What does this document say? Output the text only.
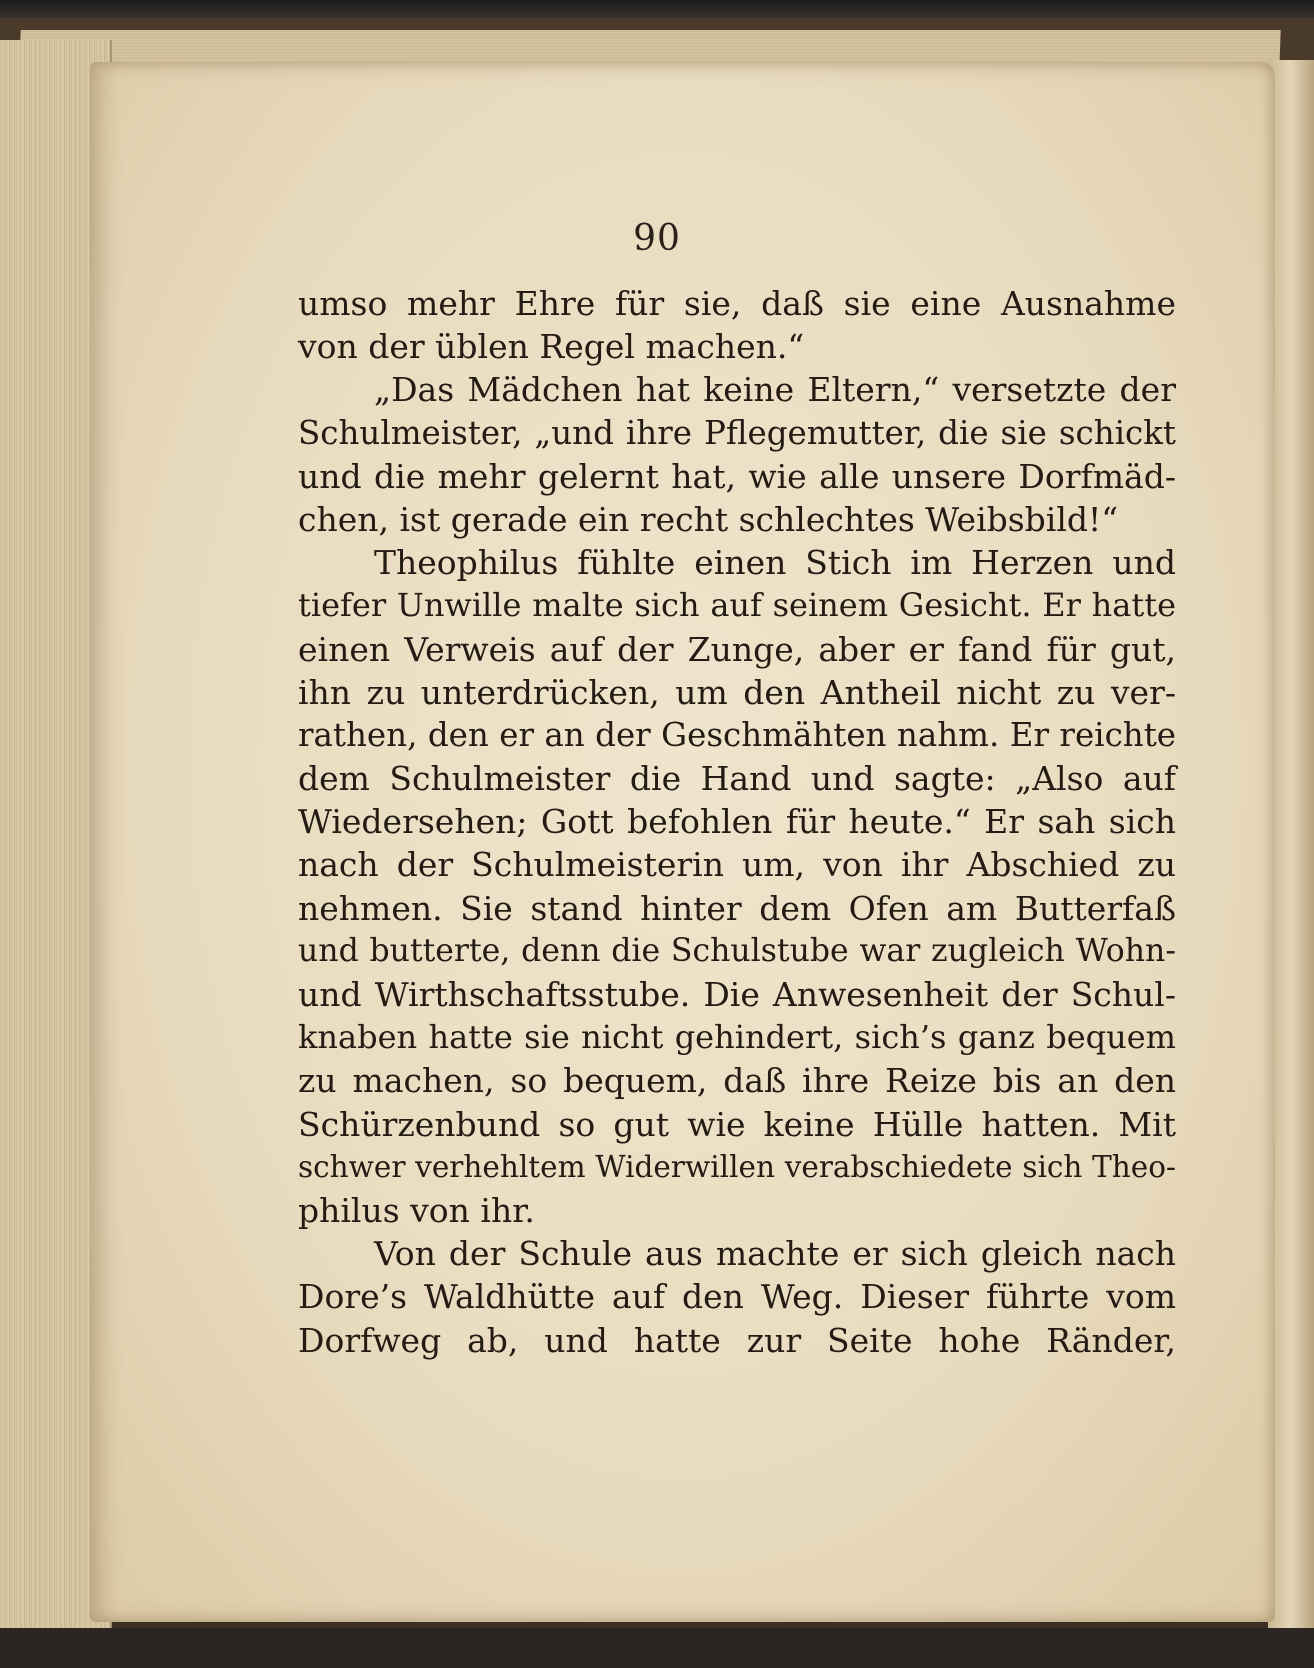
90
umso mehr Ehre für sie, daß sie eine Ausnahme
von der üblen Regel machen.“
„Das Mädchen hat keine Eltern,“ versetzte der
Schulmeister, „und ihre Pflegemutter, die sie schickt
und die mehr gelernt hat, wie alle unsere Dorfmäd-
chen, ist gerade ein recht schlechtes Weibsbild!“
Theophilus fühlte einen Stich im Herzen und
tiefer Unwille malte sich auf seinem Gesicht. Er hatte
einen Verweis auf der Zunge, aber er fand für gut,
ihn zu unterdrücken, um den Antheil nicht zu ver-
rathen, den er an der Geschmähten nahm. Er reichte
dem Schulmeister die Hand und sagte: „Also auf
Wiedersehen; Gott befohlen für heute.“ Er sah sich
nach der Schulmeisterin um, von ihr Abschied zu
nehmen. Sie stand hinter dem Ofen am Butterfaß
und butterte, denn die Schulstube war zugleich Wohn-
und Wirthschaftsstube. Die Anwesenheit der Schul-
knaben hatte sie nicht gehindert, sich’s ganz bequem
zu machen, so bequem, daß ihre Reize bis an den
Schürzenbund so gut wie keine Hülle hatten. Mit
schwer verhehltem Widerwillen verabschiedete sich Theo-
philus von ihr.
Von der Schule aus machte er sich gleich nach
Dore’s Waldhütte auf den Weg. Dieser führte vom
Dorfweg ab, und hatte zur Seite hohe Ränder,
